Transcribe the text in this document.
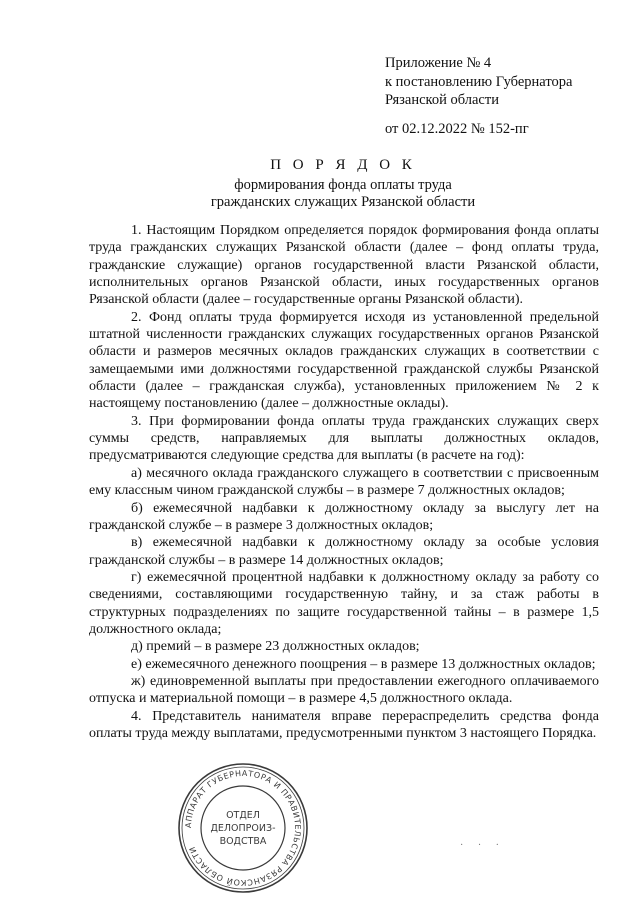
Приложение № 4
к постановлению Губернатора
Рязанской области
от 02.12.2022 № 152-пг
П О Р Я Д О К
формирования фонда оплаты труда
гражданских служащих Рязанской области

1. Настоящим Порядком определяется порядок формирования фонда оплаты труда гражданских служащих Рязанской области (далее – фонд оплаты труда, гражданские служащие) органов государственной власти Рязанской области, исполнительных органов Рязанской области, иных государственных органов Рязанской области (далее – государственные органы Рязанской области).

2. Фонд оплаты труда формируется исходя из установленной предельной штатной численности гражданских служащих государственных органов Рязанской области и размеров месячных окладов гражданских служащих в соответствии с замещаемыми ими должностями государственной гражданской службы Рязанской области (далее – гражданская служба), установленных приложением № 2 к настоящему постановлению (далее – должностные оклады).

3. При формировании фонда оплаты труда гражданских служащих сверх суммы средств, направляемых для выплаты должностных окладов, предусматриваются следующие средства для выплаты (в расчете на год):

а) месячного оклада гражданского служащего в соответствии с присвоенным ему классным чином гражданской службы – в размере 7 должностных окладов;

б) ежемесячной надбавки к должностному окладу за выслугу лет на гражданской службе – в размере 3 должностных окладов;

в) ежемесячной надбавки к должностному окладу за особые условия гражданской службы – в размере 14 должностных окладов;

г) ежемесячной процентной надбавки к должностному окладу за работу со сведениями, составляющими государственную тайну, и за стаж работы в структурных подразделениях по защите государственной тайны – в размере 1,5 должностного оклада;

д) премий – в размере 23 должностных окладов;

е) ежемесячного денежного поощрения – в размере 13 должностных окладов;

ж) единовременной выплаты при предоставлении ежегодного оплачиваемого отпуска и материальной помощи – в размере 4,5 должностного оклада.

4. Представитель нанимателя вправе перераспределить средства фонда оплаты труда между выплатами, предусмотренными пунктом 3 настоящего Порядка.

АППАРАТ ГУБЕРНАТОРА И ПРАВИТЕЛЬСТВА РЯЗАНСКОЙ ОБЛАСТИ
ОТДЕЛ
ДЕЛОПРОИЗ-
ВОДСТВА	· · ·
